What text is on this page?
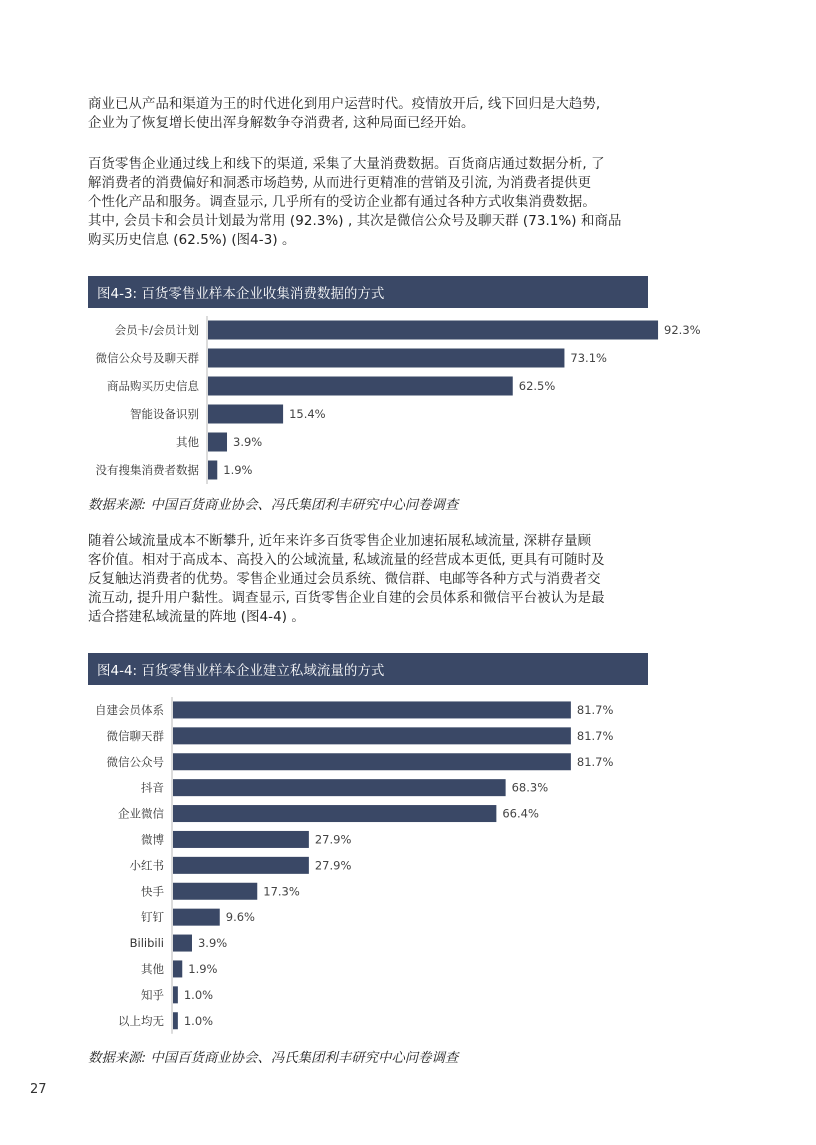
商业已从产品和渠道为王的时代进化到用户运营时代。疫情放开后, 线下回归是大趋势,
企业为了恢复增长使出浑身解数争夺消费者, 这种局面已经开始。
百货零售企业通过线上和线下的渠道, 采集了大量消费数据。百货商店通过数据分析, 了
解消费者的消费偏好和洞悉市场趋势, 从而进行更精准的营销及引流, 为消费者提供更
个性化产品和服务。调查显示, 几乎所有的受访企业都有通过各种方式收集消费数据。
其中, 会员卡和会员计划最为常用 (92.3%) , 其次是微信公众号及聊天群 (73.1%) 和商品
购买历史信息 (62.5%) (图4-3) 。
图4-3: 百货零售业样本企业收集消费数据的方式
会员卡/会员计划	92.3%
微信公众号及聊天群	73.1%
商品购买历史信息	62.5%
智能设备识别	15.4%
其他	3.9%
没有搜集消费者数据 1.9%

数据来源: 中国百货商业协会、冯氏集团利丰研究中心问卷调查

随着公域流量成本不断攀升, 近年来许多百货零售企业加速拓展私域流量, 深耕存量顾
客价值。相对于高成本、高投入的公域流量, 私域流量的经营成本更低, 更具有可随时及
反复触达消费者的优势。零售企业通过会员系统、微信群、电邮等各种方式与消费者交
流互动, 提升用户黏性。调查显示, 百货零售企业自建的会员体系和微信平台被认为是最
适合搭建私域流量的阵地 (图4-4) 。
图4-4: 百货零售业样本企业建立私域流量的方式
自建会员体系	81.7%
微信聊天群	81.7%
微信公众号	81.7%
抖音	68.3%
企业微信	66.4%
微博	27.9%
小红书	27.9%
快手	17.3%
钉钉	9.6%
Bilibili	3.9%
其他 1.9%
知乎 1.0%
以上均无 1.0%

数据来源: 中国百货商业协会、冯氏集团利丰研究中心问卷调查

27
